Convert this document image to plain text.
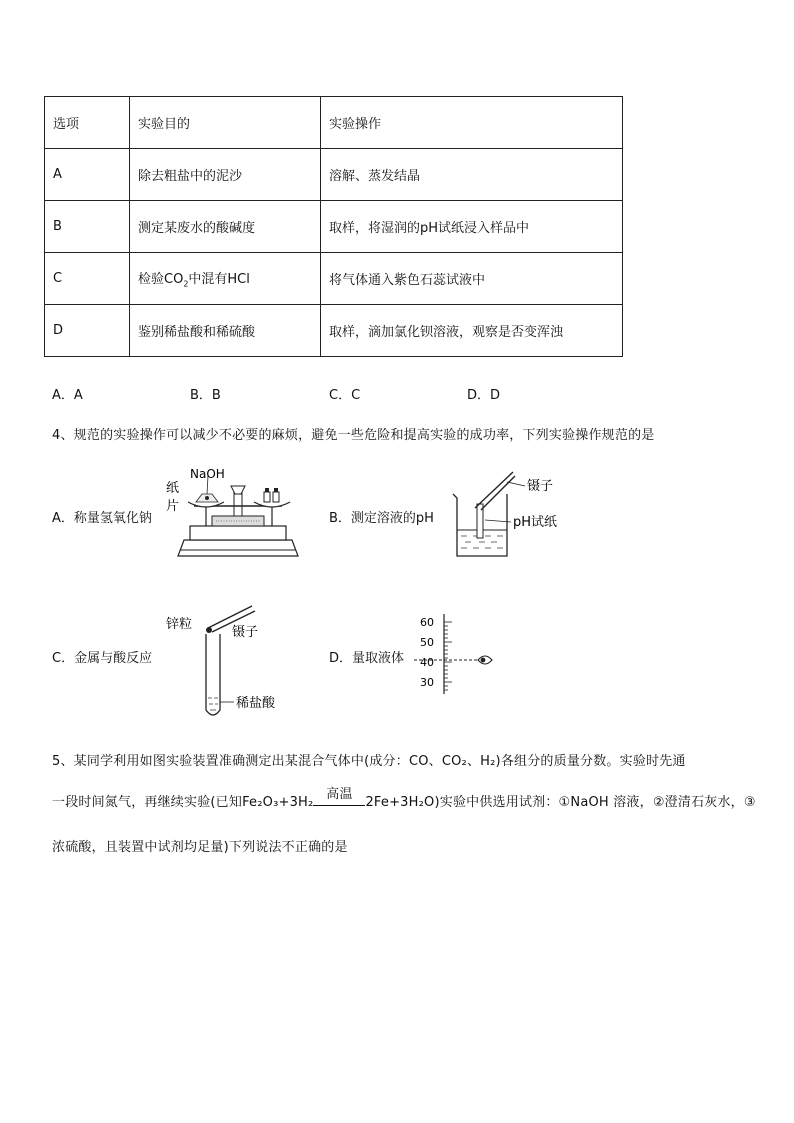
选项	实验目的	实验操作
A	除去粗盐中的泥沙	溶解、蒸发结晶
B	测定某废水的酸碱度	取样，将湿润的pH试纸浸入样品中
C	检验$CO_2$中混有HCl	将气体通入紫色石蕊试液中
D	鉴别稀盐酸和稀硫酸	取样，滴加氯化钡溶液，观察是否变浑浊
A．A	B．B	C．C	D．D
4、规范的实验操作可以减少不必要的麻烦，避免一些危险和提高实验的成功率，下列实验操作规范的是
A．称量氢氧化钠
NaOH
纸
片
B．测定溶液的pH
镊子
pH试纸
C．金属与酸反应
锌粒
镊子
稀盐酸
D．量取液体
60
50
40
30
5、某同学利用如图实验装置准确测定出某混合气体中(成分：CO、CO₂、H₂)各组分的质量分数。实验时先通
一段时间氮气，再继续实验(已知Fe₂O₃+3H₂
高温
2Fe+3H₂O)实验中供选用试剂：①NaOH 溶液，②澄清石灰水，③
浓硫酸，且装置中试剂均足量)下列说法不正确的是
